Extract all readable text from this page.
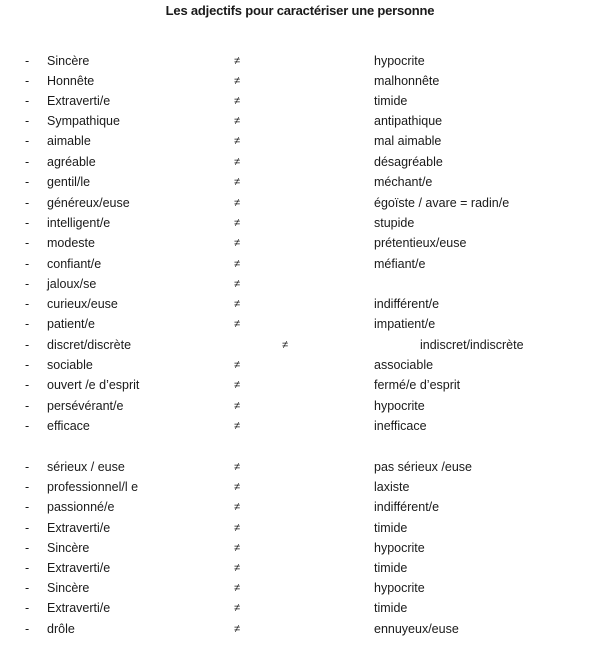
Les adjectifs pour caractériser une personne
- Sincère	≠	hypocrite
- Honnête	≠	malhonnête
- Extraverti/e	≠	timide
- Sympathique	≠	antipathique
- aimable	≠	mal aimable
- agréable	≠	désagréable
- gentil/le	≠	méchant/e
- généreux/euse	≠	égoïste / avare = radin/e
- intelligent/e	≠	stupide
- modeste	≠	prétentieux/euse
- confiant/e	≠	méfiant/e
- jaloux/se	≠
- curieux/euse	≠	indifférent/e
- patient/e	≠	impatient/e
- discret/discrète	≠	indiscret/indiscrète
- sociable	≠	associable
- ouvert /e d’esprit	≠	fermé/e d’esprit
- persévérant/e	≠	hypocrite
- efficace	≠	inefficace
- sérieux / euse	≠	pas sérieux /euse
- professionnel/l e	≠	laxiste
- passionné/e	≠	indifférent/e
- Extraverti/e	≠	timide
- Sincère	≠	hypocrite
- Extraverti/e	≠	timide
- Sincère	≠	hypocrite
- Extraverti/e	≠	timide
- drôle	≠	ennuyeux/euse
